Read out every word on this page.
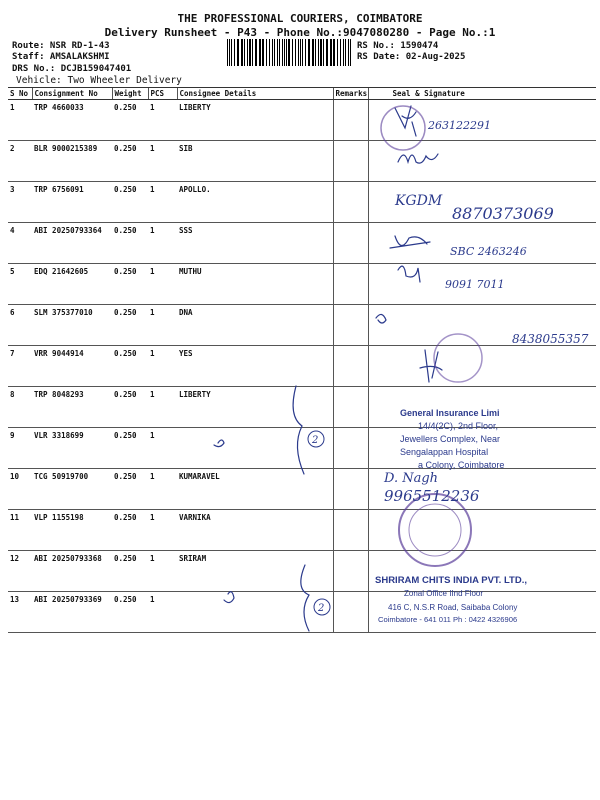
THE PROFESSIONAL COURIERS, COIMBATORE
Delivery Runsheet - P43 - Phone No.:9047080280 - Page No.:1
Route: NSR RD-1-43
Staff: AMSALAKSHMI
DRS No.: DCJB159047401
Vehicle: Two Wheeler Delivery
RS No.: 1590474
RS Date: 02-Aug-2025
S No	Consignment No	Weight	PCS	Consignee Details	Remarks	Seal & Signature
1	TRP 4660033	0.250	1	LIBERTY		
2	BLR 9000215389	0.250	1	SIB		
3	TRP 6756091	0.250	1	APOLLO.		
4	ABI 20250793364	0.250	1	SSS		
5	EDQ 21642605	0.250	1	MUTHU		
6	SLM 375377010	0.250	1	DNA		
7	VRR 9044914	0.250	1	YES		
8	TRP 8048293	0.250	1	LIBERTY		
9	VLR 3318699	0.250	1			
10	TCG 50919700	0.250	1	KUMARAVEL		
11	VLP 1155198	0.250	1	VARNIKA		
12	ABI 20250793368	0.250	1	SRIRAM		
13	ABI 20250793369	0.250	1			
2
2
263122291
KGDM
8870373069
SBC 2463246
9091 7011
8438055357
D. Nagh
9965512236
General Insurance Limi
14/4(2C), 2nd Floor,
Jewellers Complex, Near
Sengalappan Hospital
a Colony, Coimbatore
SHRIRAM CHITS INDIA PVT. LTD.,
Zonal Office IInd Floor
416 C, N.S.R Road, Saibaba Colony
Coimbatore - 641 011 Ph : 0422 4326906
